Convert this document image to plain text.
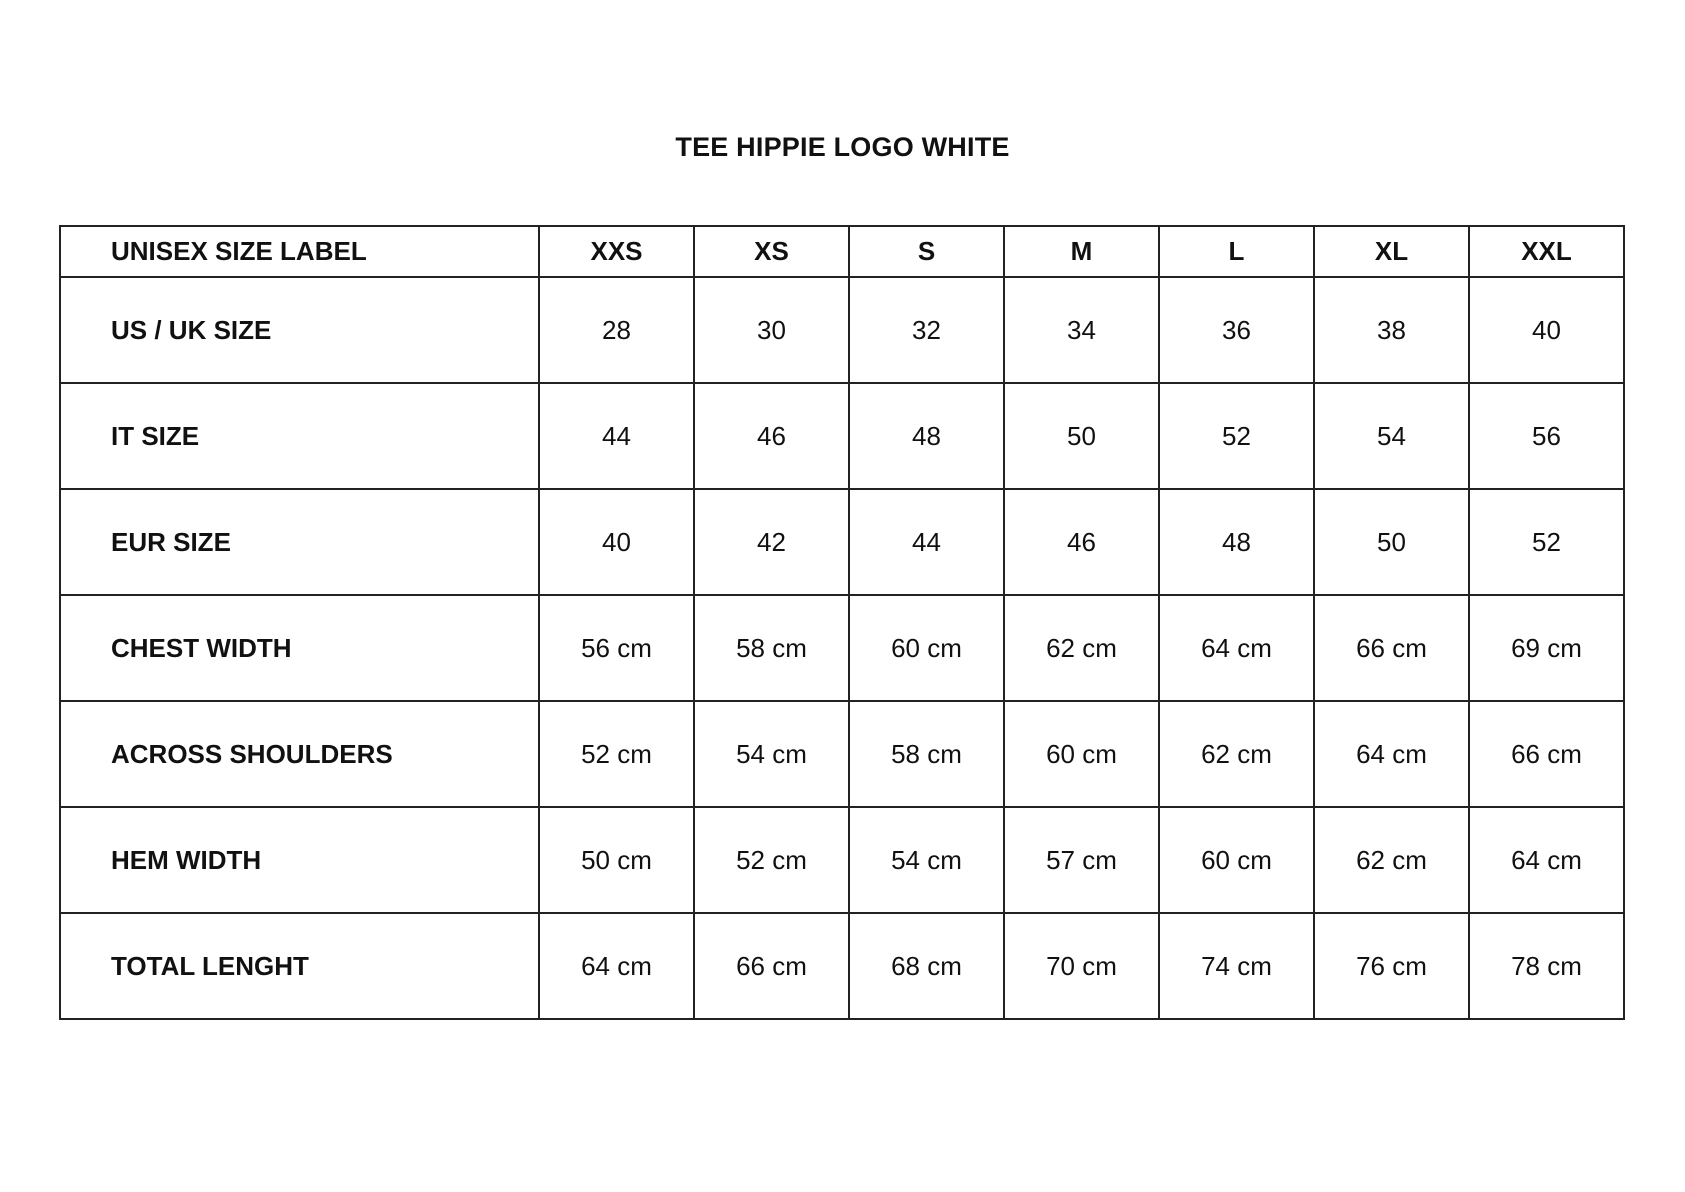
TEE HIPPIE LOGO WHITE
UNISEX SIZE LABEL	XXS	XS	S	M	L	XL	XXL
US / UK SIZE	28	30	32	34	36	38	40
IT SIZE	44	46	48	50	52	54	56
EUR SIZE	40	42	44	46	48	50	52
CHEST WIDTH	56 cm	58 cm	60 cm	62 cm	64 cm	66 cm	69 cm
ACROSS SHOULDERS	52 cm	54 cm	58 cm	60 cm	62 cm	64 cm	66 cm
HEM WIDTH	50 cm	52 cm	54 cm	57 cm	60 cm	62 cm	64 cm
TOTAL LENGHT	64 cm	66 cm	68 cm	70 cm	74 cm	76 cm	78 cm
